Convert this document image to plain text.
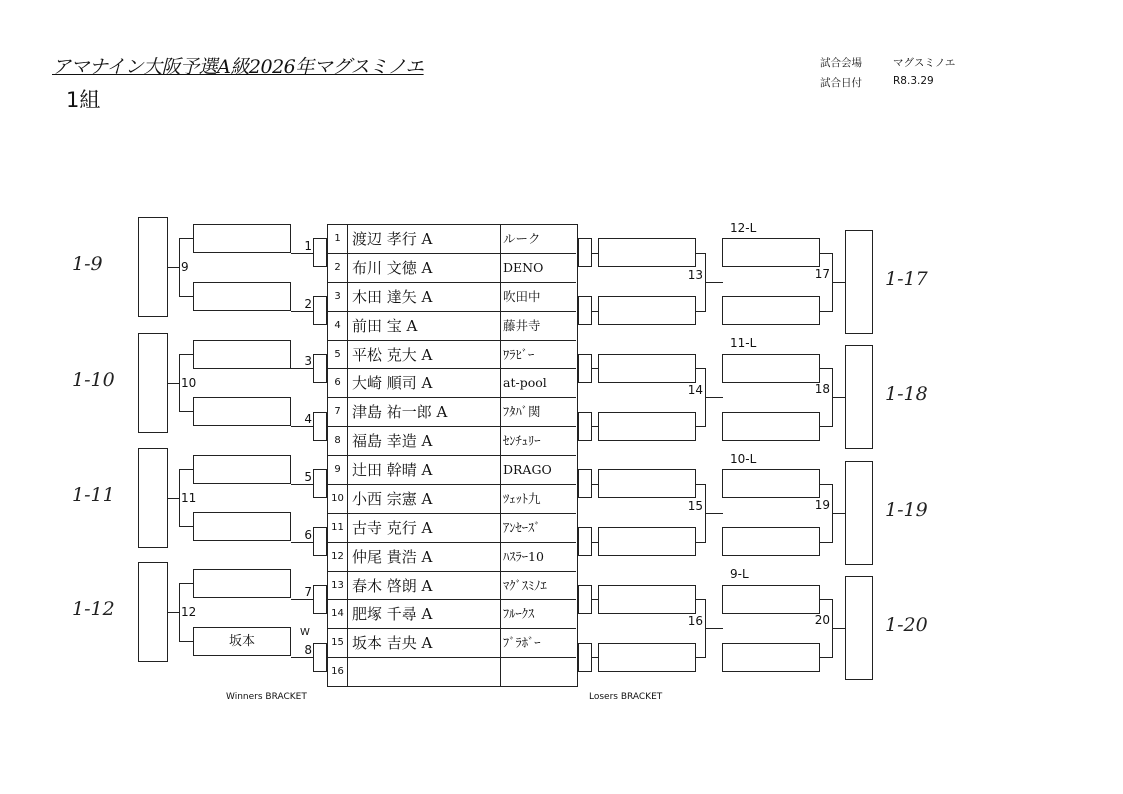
アマナイン大阪予選A級2026年マグスミノエ
1組
試合会場	マグスミノエ
試合日付	R8.3.29
1 渡辺 孝行 A	ルーク
2 布川 文徳 A	DENO
3 木田 達矢 A	吹田中
4 前田 宝 A	藤井寺
5 平松 克大 A	ﾜﾗﾋﾞｰ
6 大崎 順司 A	at-pool
7 津島 祐一郎 A	ﾌﾀﾊﾞ関
8 福島 幸造 A	ｾﾝﾁｭﾘｰ
9 辻田 幹晴 A	DRAGO
10 小西 宗憲 A	ﾂｪｯﾄ九
11 古寺 克行 A	ｱﾝｾｰｽﾞ
12 仲尾 貴浩 A	ﾊｽﾗｰ10
13 春木 啓朗 A	ﾏｸﾞｽﾐﾉｴ
14 肥塚 千尋 A	ﾌﾙｰｸｽ
15 坂本 吉央 A	ﾌﾞﾗﾎﾞｰ
16
1
2
3
4
5
6
7
8
9
1-9
10
1-10
11
1-11
坂本
12
1-12
W
13
12-L
17	1-17
14
11-L
18	1-18
15
10-L
19	1-19
16
9-L
20	1-20
Winners BRACKET	Losers BRACKET
